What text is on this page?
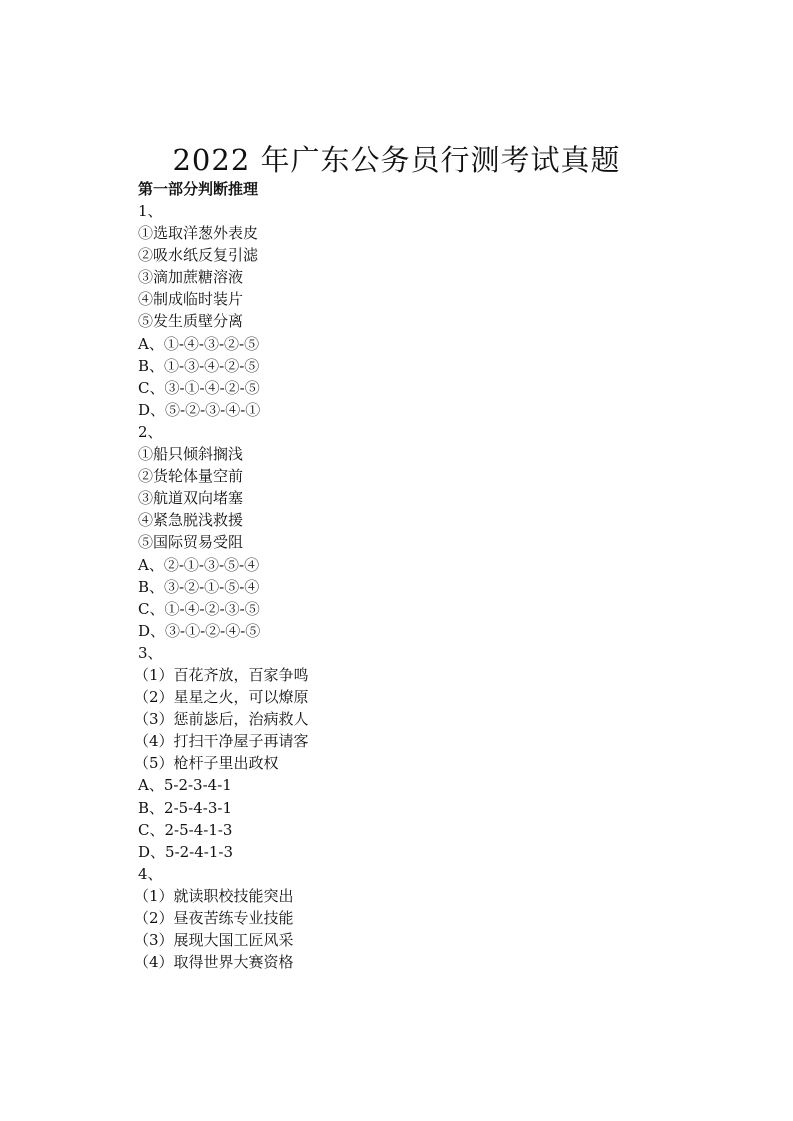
2022 年广东公务员行测考试真题
第一部分判断推理
1、
①选取洋葱外表皮
②吸水纸反复引滤
③滴加蔗糖溶液
④制成临时装片
⑤发生质壁分离
A、①-④-③-②-⑤
B、①-③-④-②-⑤
C、③-①-④-②-⑤
D、⑤-②-③-④-①
2、
①船只倾斜搁浅
②货轮体量空前
③航道双向堵塞
④紧急脱浅救援
⑤国际贸易受阻
A、②-①-③-⑤-④
B、③-②-①-⑤-④
C、①-④-②-③-⑤
D、③-①-②-④-⑤
3、
（1）百花齐放，百家争鸣
（2）星星之火，可以燎原
（3）惩前毖后，治病救人
（4）打扫干净屋子再请客
（5）枪杆子里出政权
A、5-2-3-4-1
B、2-5-4-3-1
C、2-5-4-1-3
D、5-2-4-1-3
4、
（1）就读职校技能突出
（2）昼夜苦练专业技能
（3）展现大国工匠风采
（4）取得世界大赛资格
